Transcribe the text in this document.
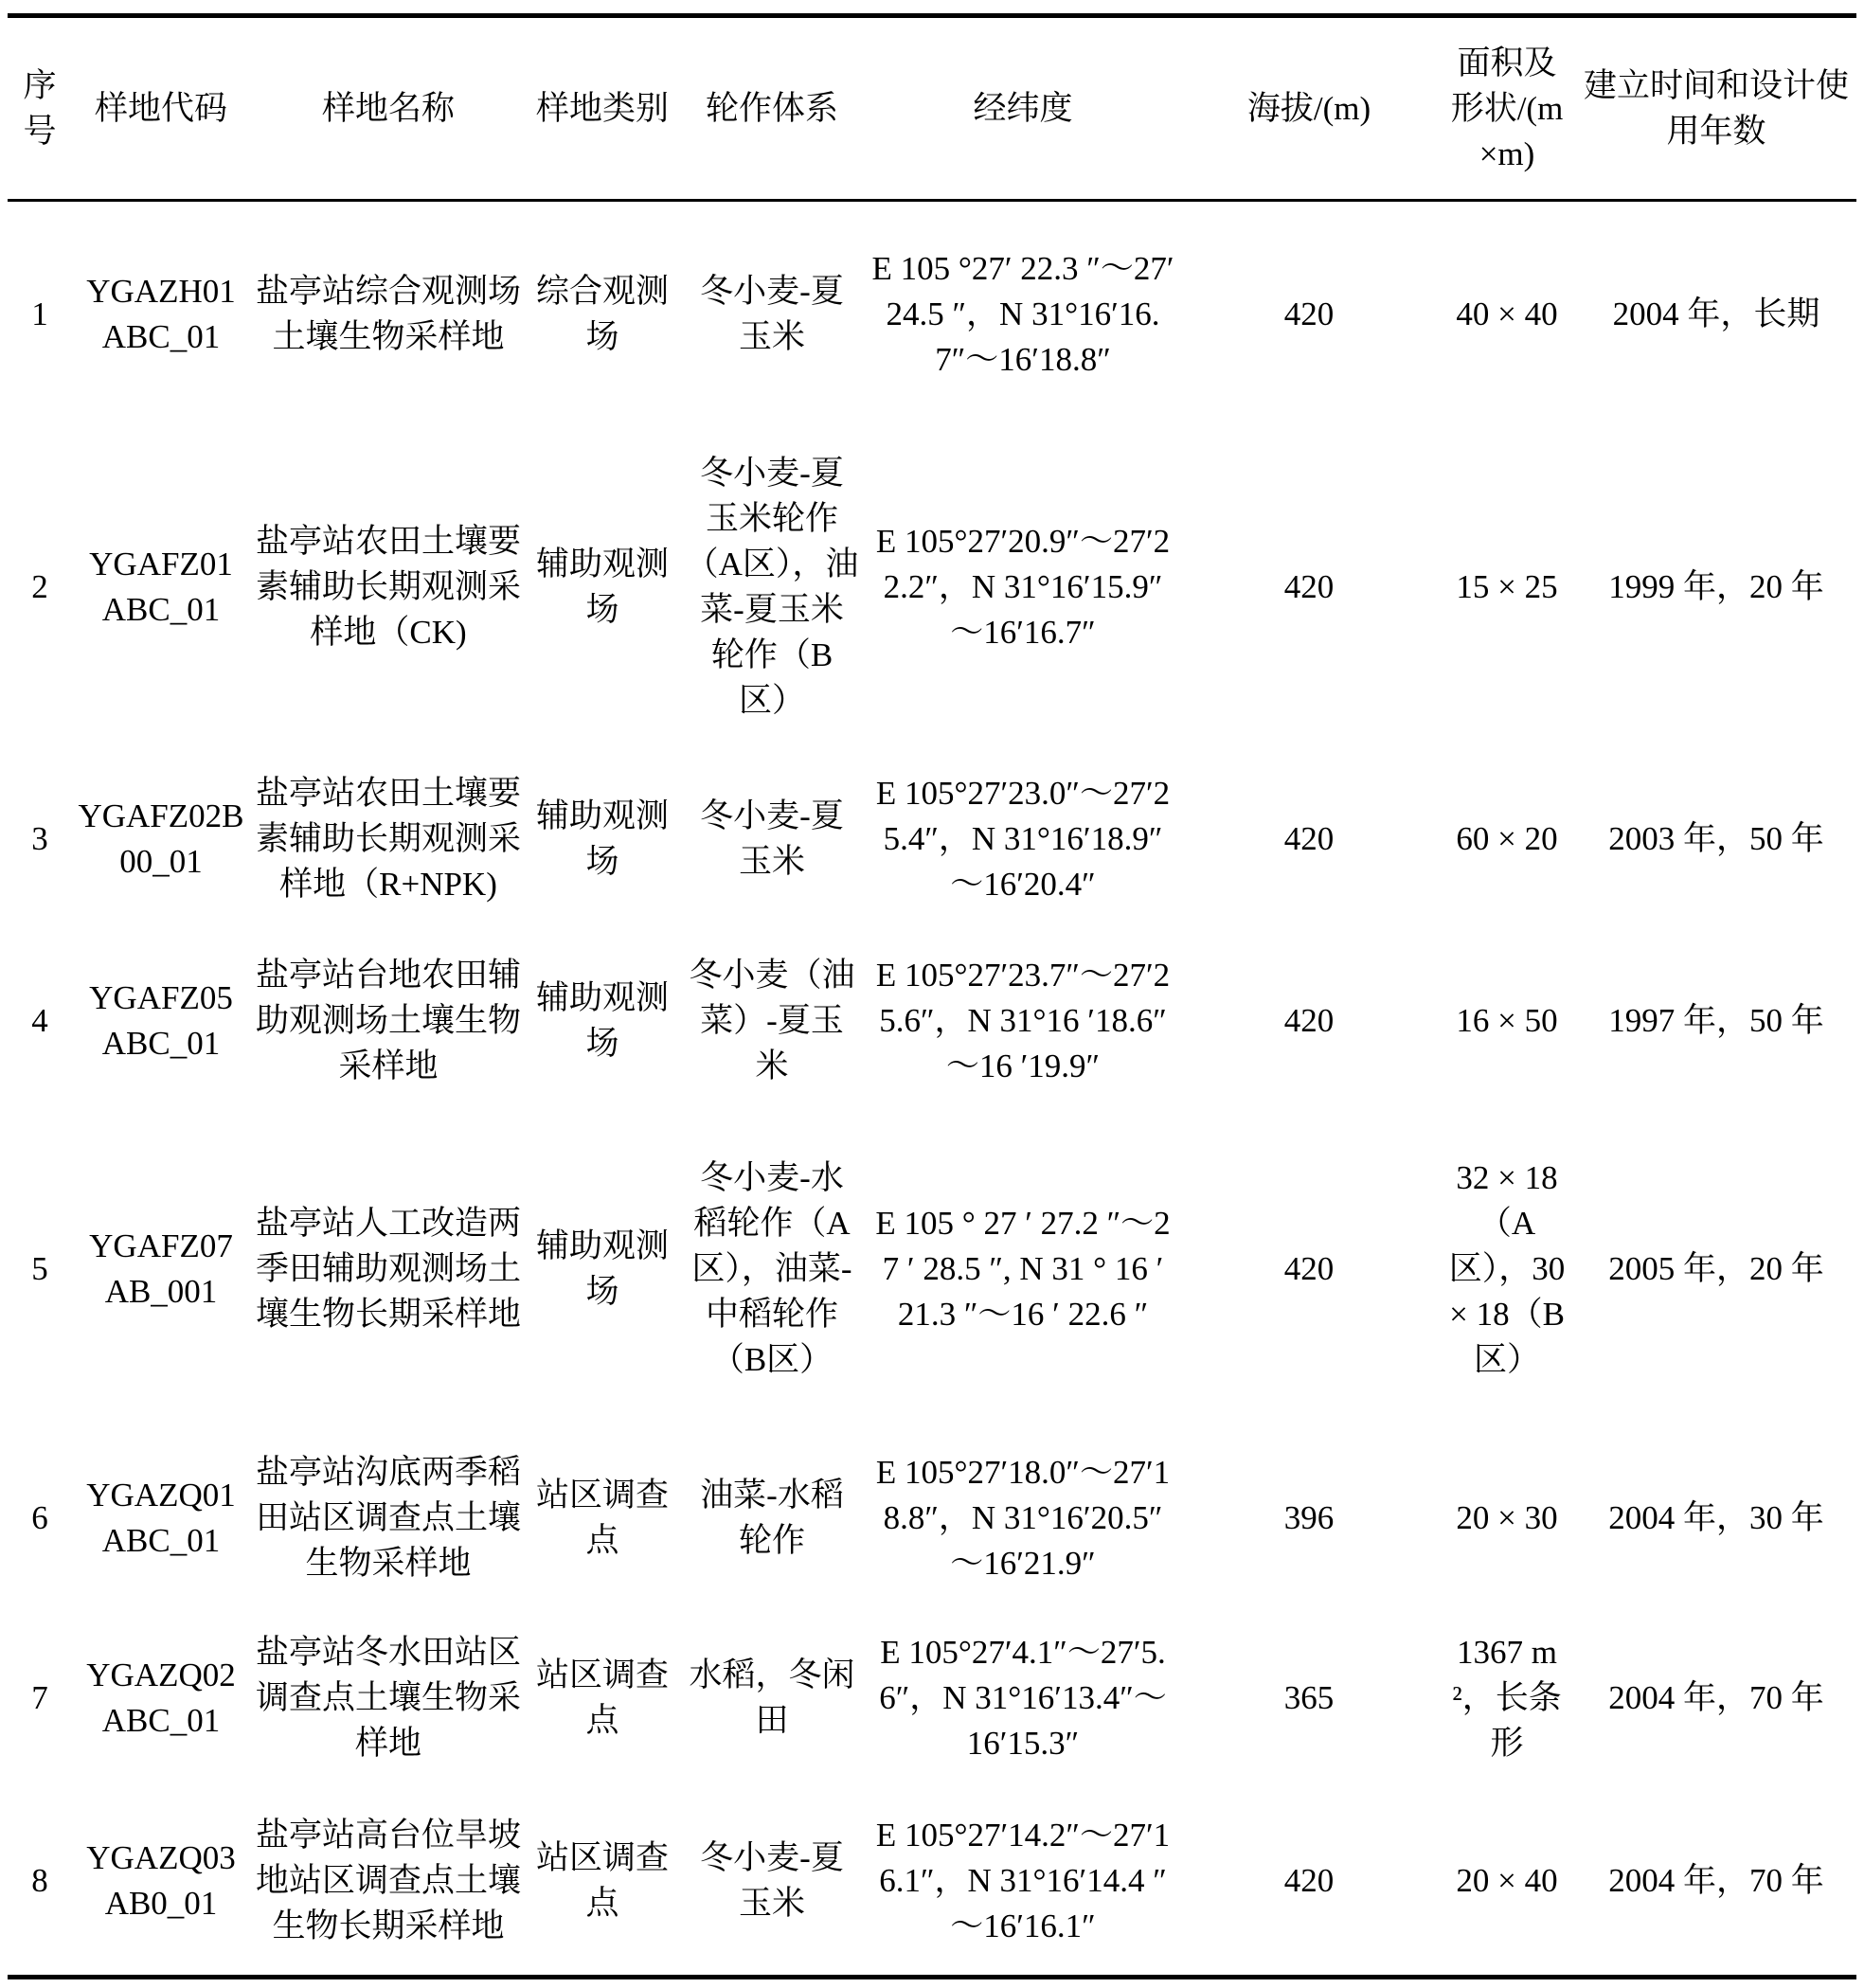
序号	样地代码	样地名称	样地类别	轮作体系	经纬度	海拔/(m)	面积及形状/(m×m)	建立时间和设计使用年数
1	YGAZH01ABC_01	盐亭站综合观测场土壤生物采样地	综合观测场	冬小麦-夏玉米	E 105 °27′ 22.3 ″～27′ 24.5 ″，N 31°16′16.7″～16′18.8″	420	40 × 40	2004 年，长期
2	YGAFZ01ABC_01	盐亭站农田土壤要素辅助长期观测采样地（CK)	辅助观测场	冬小麦-夏玉米轮作（A区），油菜-夏玉米轮作（B 区）	E 105°27′20.9″～27′22.2″，N 31°16′15.9″～16′16.7″	420	15 × 25	1999 年，20 年
3	YGAFZ02B00_01	盐亭站农田土壤要素辅助长期观测采样地（R+NPK)	辅助观测场	冬小麦-夏玉米	E 105°27′23.0″～27′25.4″，N 31°16′18.9″～16′20.4″	420	60 × 20	2003 年，50 年
4	YGAFZ05ABC_01	盐亭站台地农田辅助观测场土壤生物采样地	辅助观测场	冬小麦（油菜）-夏玉米	E 105°27′23.7″～27′25.6″，N 31°16 ′18.6″～16 ′19.9″	420	16 × 50	1997 年，50 年
5	YGAFZ07AB_001	盐亭站人工改造两季田辅助观测场土壤生物长期采样地	辅助观测场	冬小麦-水稻轮作（A区），油菜-中稻轮作（B区）	E 105 ° 27 ′ 27.2 ″～27 ′ 28.5 ″, N 31 ° 16 ′ 21.3 ″～16 ′ 22.6 ″	420	32 × 18（A 区），30 × 18（B 区）	2005 年，20 年
6	YGAZQ01ABC_01	盐亭站沟底两季稻田站区调查点土壤生物采样地	站区调查点	油菜-水稻轮作	E 105°27′18.0″～27′18.8″，N 31°16′20.5″～16′21.9″	396	20 × 30	2004 年，30 年
7	YGAZQ02ABC_01	盐亭站冬水田站区调查点土壤生物采样地	站区调查点	水稻，冬闲田	E 105°27′4.1″～27′5.6″，N 31°16′13.4″～16′15.3″	365	1367 m²，长条形	2004 年，70 年
8	YGAZQ03AB0_01	盐亭站高台位旱坡地站区调查点土壤生物长期采样地	站区调查点	冬小麦-夏玉米	E 105°27′14.2″～27′16.1″，N 31°16′14.4 ″～16′16.1″	420	20 × 40	2004 年，70 年
